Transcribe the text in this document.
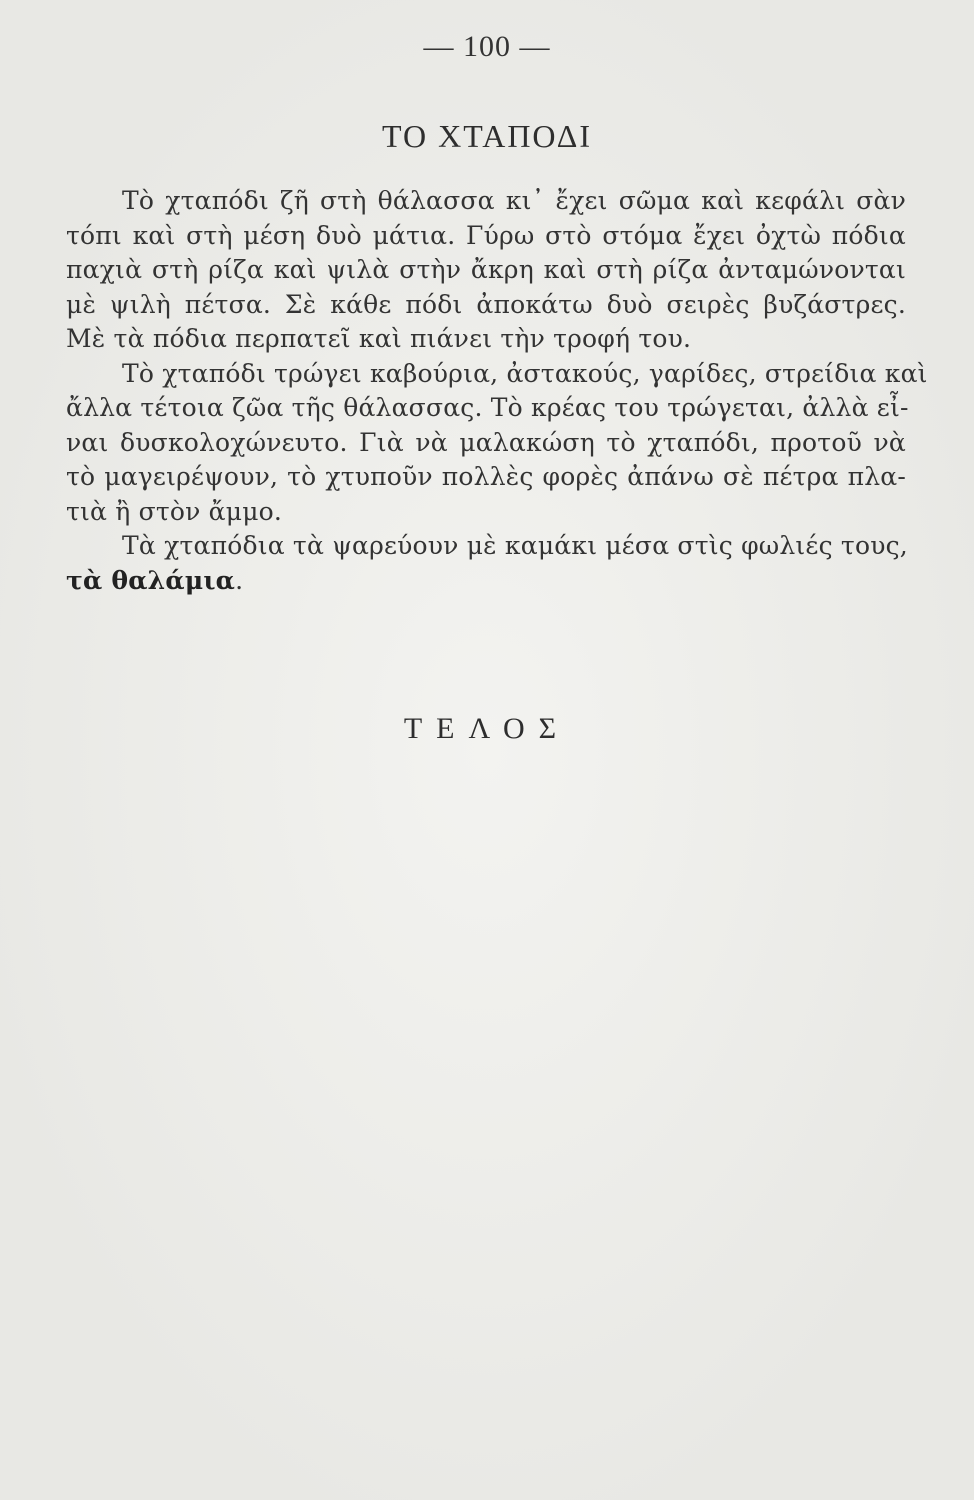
— 100 —
ΤΟ ΧΤΑΠΟΔΙ
Τὸ χταπόδι ζῆ στὴ θάλασσα κι᾿ ἔχει σῶμα καὶ κεφάλι σὰν
τόπι καὶ στὴ μέση δυὸ μάτια. Γύρω στὸ στόμα ἔχει ὀχτὼ πόδια
παχιὰ στὴ ρίζα καὶ ψιλὰ στὴν ἄκρη καὶ στὴ ρίζα ἀνταμώνονται
μὲ ψιλὴ πέτσα. Σὲ κάθε πόδι ἀποκάτω δυὸ σειρὲς βυζάστρες.
Μὲ τὰ πόδια περπατεῖ καὶ πιάνει τὴν τροφή του.
Τὸ χταπόδι τρώγει καβούρια, ἀστακούς, γαρίδες, στρείδια καὶ
ἄλλα τέτοια ζῶα τῆς θάλασσας. Τὸ κρέας του τρώγεται, ἀλλὰ εἶ-
ναι δυσκολοχώνευτο. Γιὰ νὰ μαλακώση τὸ χταπόδι, προτοῦ νὰ
τὸ μαγειρέψουν, τὸ χτυποῦν πολλὲς φορὲς ἀπάνω σὲ πέτρα πλα-
τιὰ ἢ στὸν ἄμμο.
Τὰ χταπόδια τὰ ψαρεύουν μὲ καμάκι μέσα στὶς φωλιές τους,
τὰ θαλάμια.
ΤΕΛΟΣ
